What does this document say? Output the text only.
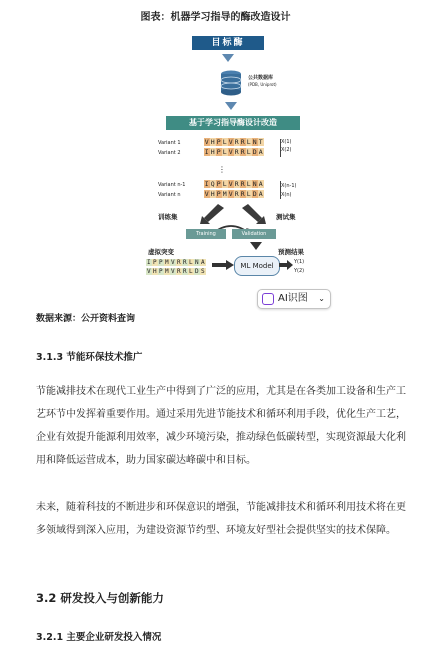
图表：机器学习指导的酶改造设计
目标酶
公共数据库
(PDB, Uniprot)
基于学习指导酶设计改造
Variant 1	V H P L V R R L N T
Variant 2	I H P L V R R L D A
⋮
Variant n-1	I Q P L V R R L N A
Variant n	V H P M V R R L D A
X(1)
X(2)
X(n-1)
X(n)
训练集	测试集
Training	Validation
虚拟突变
I P P M V R R L N A
V H P M V R R L D S
ML Model
预测结果
Y(1)
Y(2)
AI识图 ⌄
数据来源：公开资料查询
3.1.3 节能环保技术推广
节能减排技术在现代工业生产中得到了广泛的应用，尤其是在各类加工设备和生产工艺环节中发挥着重要作用。通过采用先进节能技术和循环利用手段，优化生产工艺，企业有效提升能源利用效率，减少环境污染，推动绿色低碳转型，实现资源最大化利用和降低运营成本，助力国家碳达峰碳中和目标。
未来，随着科技的不断进步和环保意识的增强，节能减排技术和循环利用技术将在更多领域得到深入应用，为建设资源节约型、环境友好型社会提供坚实的技术保障。
3.2 研发投入与创新能力
3.2.1 主要企业研发投入情况
